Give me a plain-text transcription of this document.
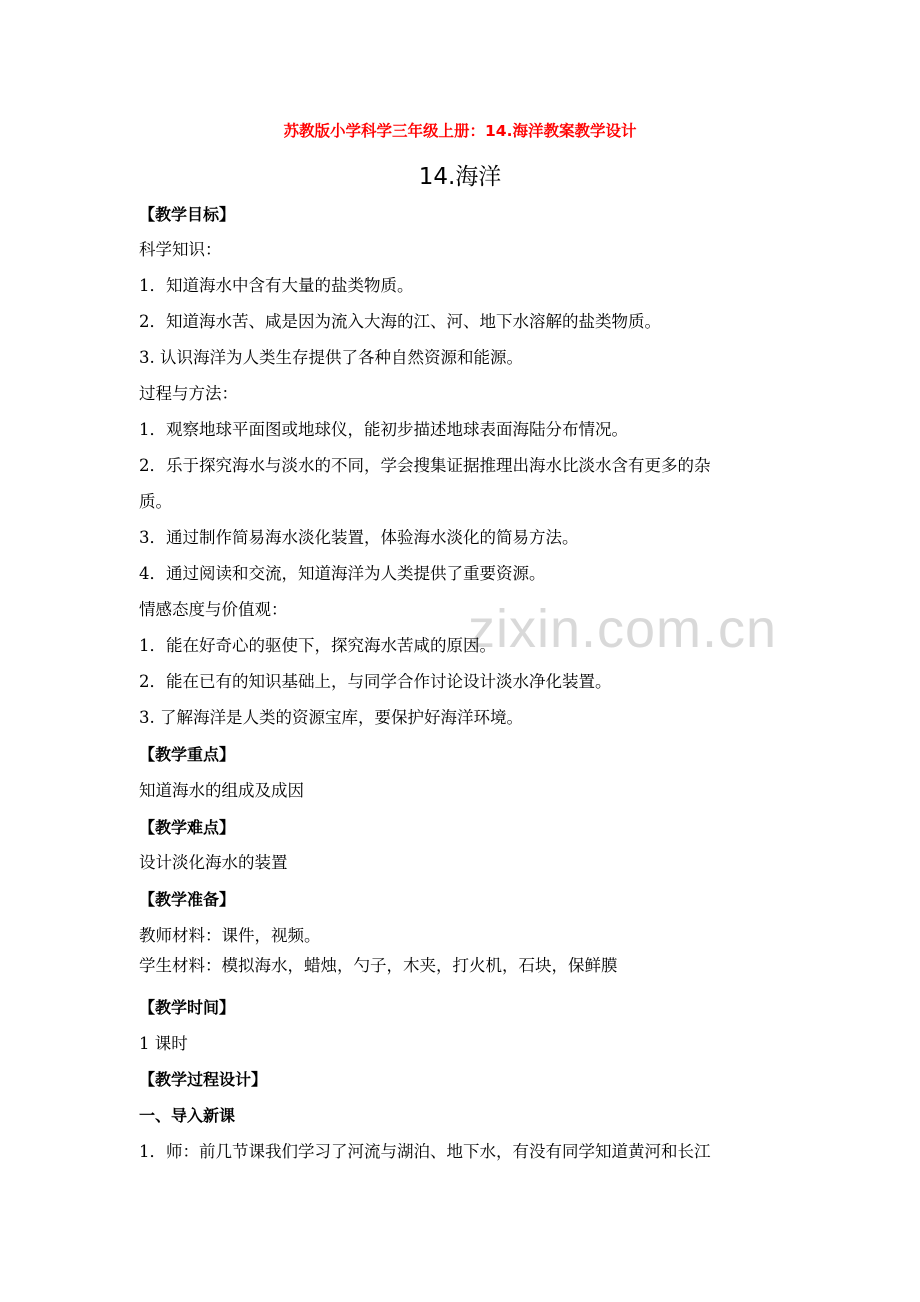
zixin.com.cn
苏教版小学科学三年级上册：14.海洋教案教学设计
14.海洋
【教学目标】
科学知识：
1．知道海水中含有大量的盐类物质。
2．知道海水苦、咸是因为流入大海的江、河、地下水溶解的盐类物质。
3. 认识海洋为人类生存提供了各种自然资源和能源。
过程与方法：
1．观察地球平面图或地球仪，能初步描述地球表面海陆分布情况。
2．乐于探究海水与淡水的不同，学会搜集证据推理出海水比淡水含有更多的杂
质。
3．通过制作简易海水淡化装置，体验海水淡化的简易方法。
4．通过阅读和交流，知道海洋为人类提供了重要资源。
情感态度与价值观：
1．能在好奇心的驱使下，探究海水苦咸的原因。
2．能在已有的知识基础上，与同学合作讨论设计淡水净化装置。
3. 了解海洋是人类的资源宝库，要保护好海洋环境。
【教学重点】
知道海水的组成及成因
【教学难点】
设计淡化海水的装置
【教学准备】
教师材料：课件，视频。
学生材料：模拟海水，蜡烛，勺子，木夹，打火机，石块，保鲜膜
【教学时间】
1 课时
【教学过程设计】
一、导入新课
1．师：前几节课我们学习了河流与湖泊、地下水，有没有同学知道黄河和长江
